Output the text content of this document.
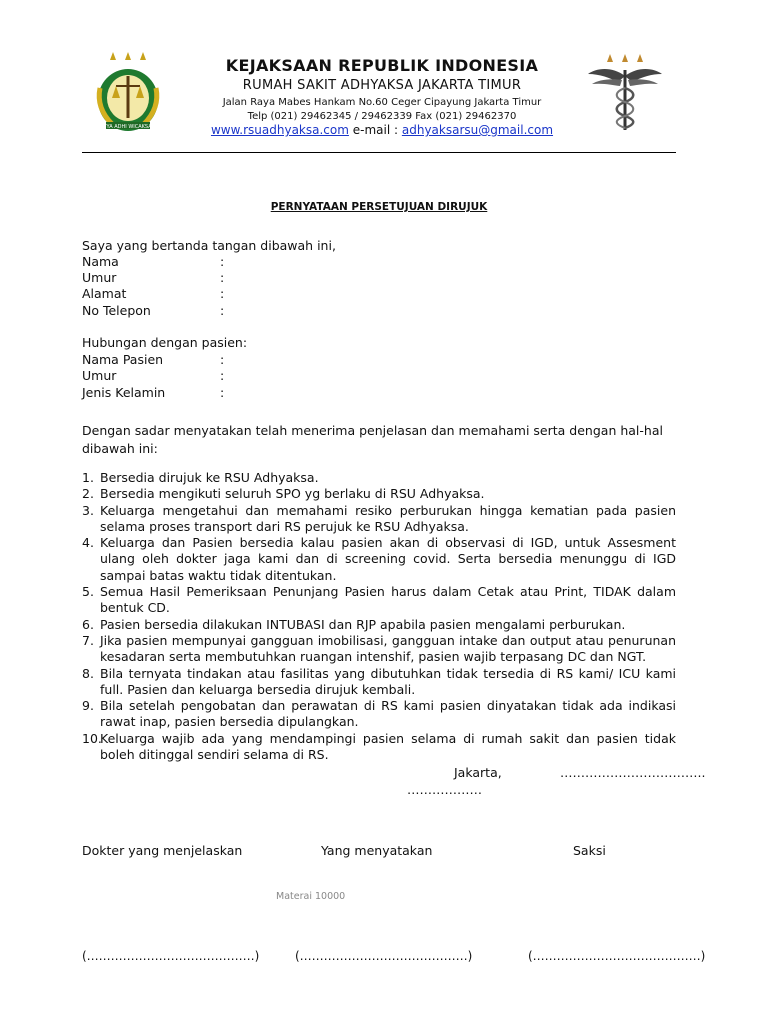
SATYA ADHI WICAKSANA
KEJAKSAAN REPUBLIK INDONESIA
RUMAH SAKIT ADHYAKSA JAKARTA TIMUR
Jalan Raya Mabes Hankam No.60 Ceger Cipayung Jakarta Timur
Telp (021) 29462345 / 29462339 Fax (021) 29462370
www.rsuadhyaksa.com e-mail : adhyaksarsu@gmail.com
PERNYATAAN PERSETUJUAN DIRUJUK
Saya yang bertanda tangan dibawah ini,
Nama	:
Umur	:
Alamat	:
No Telepon	:
Hubungan dengan pasien:
Nama Pasien	:
Umur	:
Jenis Kelamin	:
Dengan sadar menyatakan telah menerima penjelasan dan memahami serta dengan hal-hal dibawah ini:
1. Bersedia dirujuk ke RSU Adhyaksa.
2. Bersedia mengikuti seluruh SPO yg berlaku di RSU Adhyaksa.
3. Keluarga mengetahui dan memahami resiko perburukan hingga kematian pada pasien selama proses transport dari RS perujuk ke RSU Adhyaksa.
4. Keluarga dan Pasien bersedia kalau pasien akan di observasi di IGD, untuk Assesment ulang oleh dokter jaga kami dan di screening covid. Serta bersedia menunggu di IGD sampai batas waktu tidak ditentukan.
5. Semua Hasil Pemeriksaan Penunjang Pasien harus dalam Cetak atau Print, TIDAK dalam bentuk CD.
6. Pasien bersedia dilakukan INTUBASI dan RJP apabila pasien mengalami perburukan.
7. Jika pasien mempunyai gangguan imobilisasi, gangguan intake dan output atau penurunan kesadaran serta membutuhkan ruangan intenshif, pasien wajib terpasang DC dan NGT.
8. Bila ternyata tindakan atau fasilitas yang dibutuhkan tidak tersedia di RS kami/ ICU kami full. Pasien dan keluarga bersedia dirujuk kembali.
9. Bila setelah pengobatan dan perawatan di RS kami pasien dinyatakan tidak ada indikasi rawat inap, pasien bersedia dipulangkan.
10.
Keluarga wajib ada yang mendampingi pasien selama di rumah sakit dan pasien tidak boleh ditinggal sendiri selama di RS.
Jakarta,	……………………………..
………………
Dokter yang menjelaskan	Yang menyatakan	Saksi
Materai 10000
(……………………………………)	(……………………………………)	(……………………………………)
